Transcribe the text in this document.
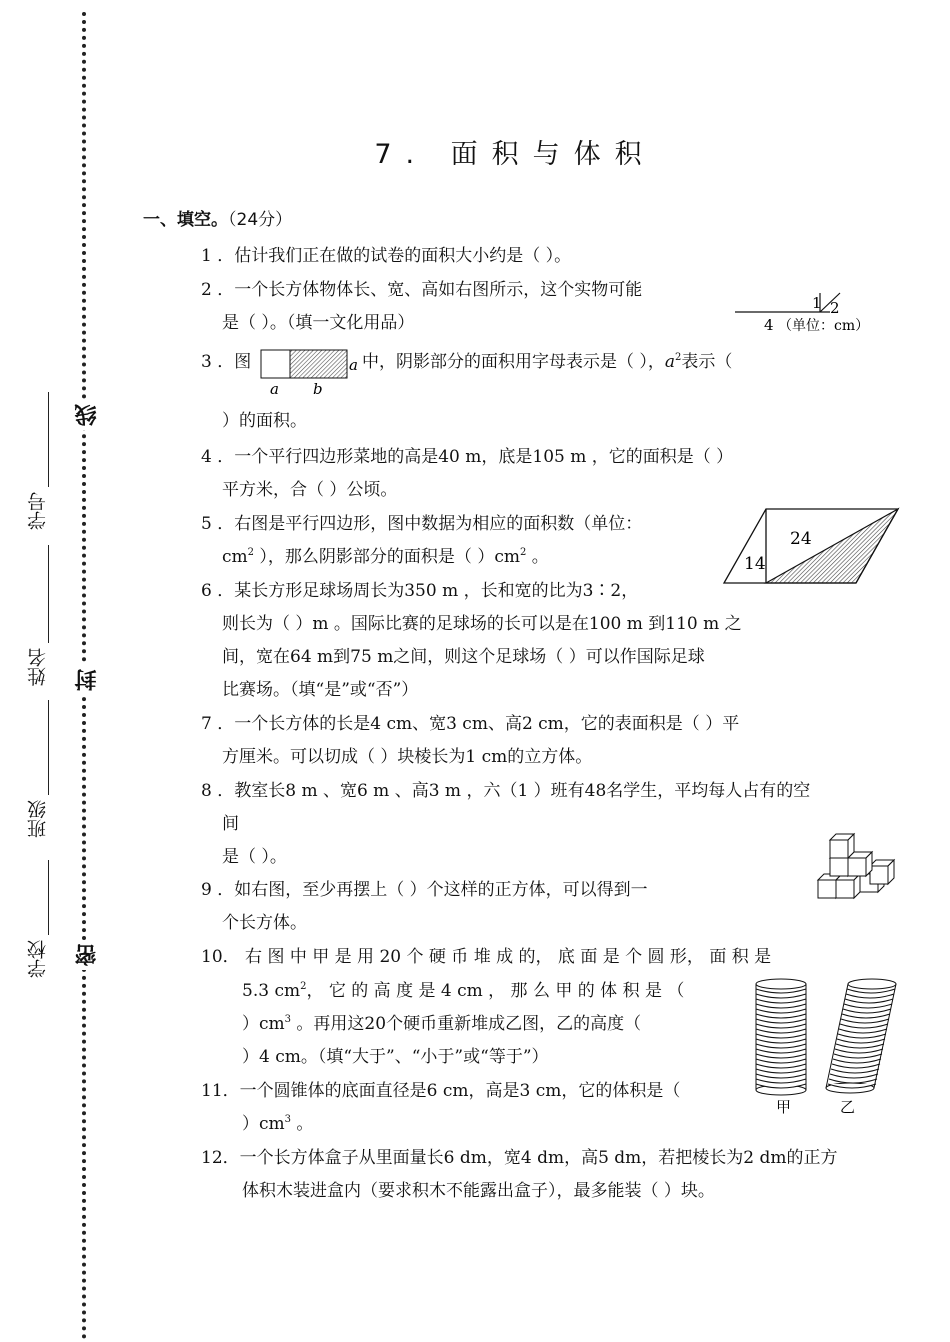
学校
班级
姓名
学号
密
封
线
7. 面积与体积
一、填空。（24分）
1 ．估计我们正在做的试卷的面积大小约是（ ）。
2 ．一个长方体物体长、宽、高如右图所示，这个实物可能
是（ ）。（填一文化用品）
1 2
4 （单位：cm）
3 ．图
a b
a 中，阴影部分的面积用字母表示是（ ），$a^2$表示（
）的面积。
4 ．一个平行四边形菜地的高是40 m，底是105 m ，它的面积是（ ）
平方米，合（ ）公顷。
5 ．右图是平行四边形，图中数据为相应的面积数（单位：
$cm^2$ ），那么阴影部分的面积是（ ）$cm^2$ 。
24
14
6 ．某长方形足球场周长为350 m ，长和宽的比为3∶2，
则长为（ ）m 。国际比赛的足球场的长可以是在100 m 到110 m 之
间，宽在64 m到75 m之间，则这个足球场（ ）可以作国际足球
比赛场。（填“是”或“否”）
7 ．一个长方体的长是4 cm、宽3 cm、高2 cm，它的表面积是（ ）平
方厘米。可以切成（ ）块棱长为1 cm的立方体。
8 ．教室长8 m 、宽6 m 、高3 m ，六（1 ）班有48名学生，平均每人占有的空
间
是（ ）。
9 ．如右图，至少再摆上（ ）个这样的正方体，可以得到一
个长方体。
10． 右 图 中 甲 是 用 20 个 硬 币 堆 成 的， 底 面 是 个 圆 形， 面 积 是
5.3 $cm^2$， 它 的 高 度 是 4 cm ， 那 么 甲 的 体 积 是 （
）$cm^3$ 。再用这20个硬币重新堆成乙图，乙的高度（
）4 cm。（填“大于”、“小于”或“等于”）
甲	乙
11．一个圆锥体的底面直径是6 cm，高是3 cm，它的体积是（
）$cm^3$ 。
12．一个长方体盒子从里面量长6 dm，宽4 dm，高5 dm，若把棱长为2 dm的正方
体积木装进盒内（要求积木不能露出盒子），最多能装（ ）块。
